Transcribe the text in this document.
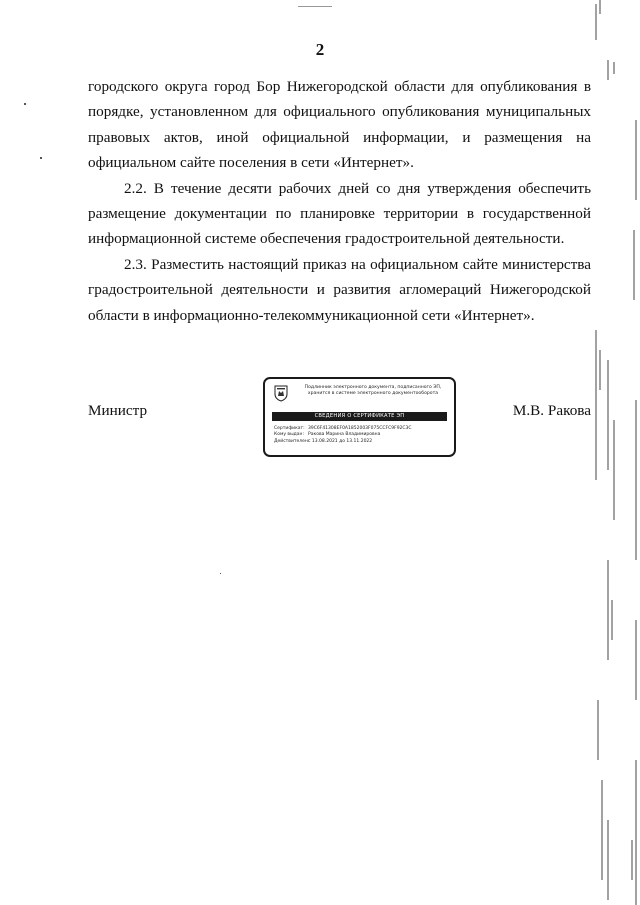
2

городского округа город Бор Нижегородской области для опубликования в порядке, установленном для официального опубликования муниципальных правовых актов, иной официальной информации, и размещения на официальном сайте поселения в сети «Интернет».

2.2. В течение десяти рабочих дней со дня утверждения обеспечить размещение документации по планировке территории в государственной информационной системе обеспечения градостроительной деятельности.

2.3. Разместить настоящий приказ на официальном сайте министерства градостроительной деятельности и развития агломераций Нижегородской области в информационно-телекоммуникационной сети «Интернет».

Министр	М.В. Ракова
Подлинник электронного документа, подписанного ЭП,
хранится в системе электронного документооборота
СВЕДЕНИЯ О СЕРТИФИКАТЕ ЭП
Сертификат: 39C6F41308EF0A1852003F075CCFC9F92C3C
Кому выдан: Ракова Марина Владимировна
Действителен:с 13.08.2021 до 13.11.2022
